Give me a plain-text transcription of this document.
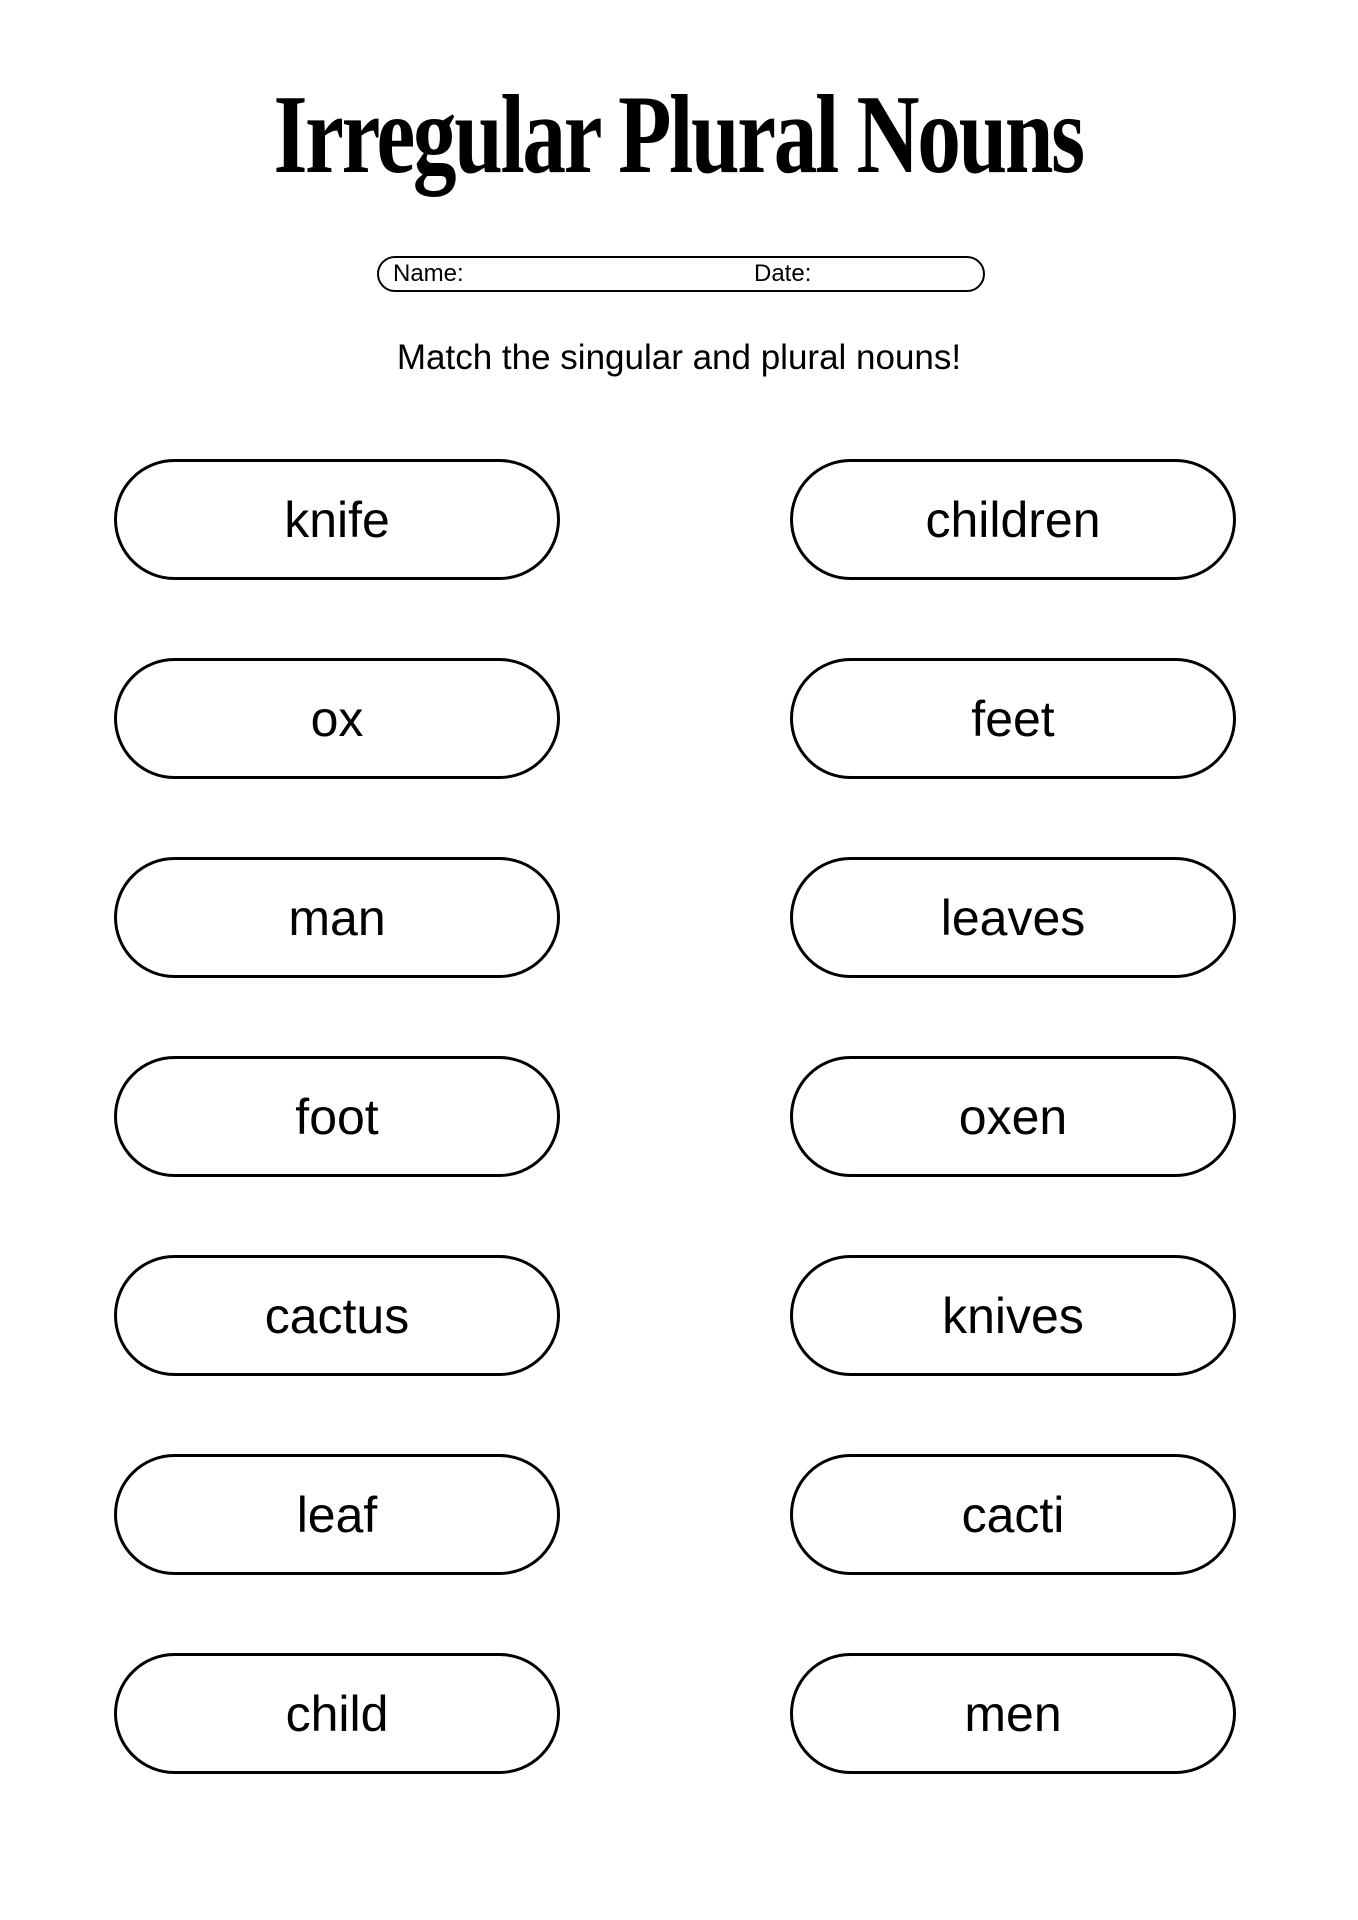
Irregular Plural Nouns
Name:	Date:
Match the singular and plural nouns!
knife
ox
man
foot
cactus
leaf
child
children
feet
leaves
oxen
knives
cacti
men
